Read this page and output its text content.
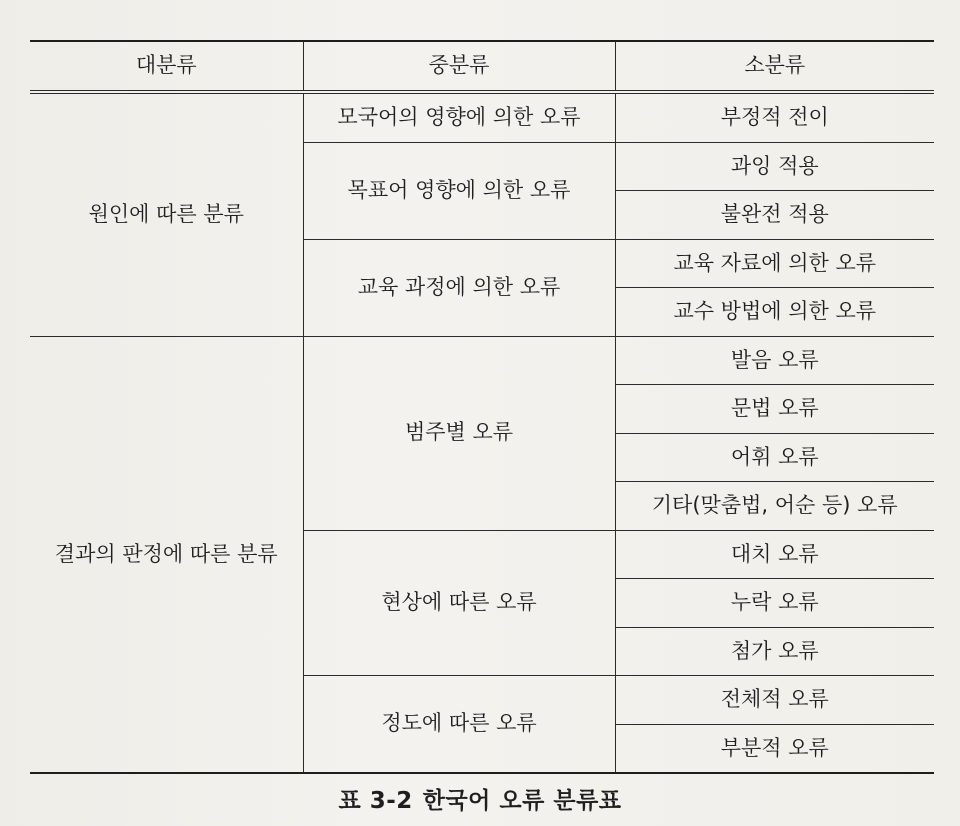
대분류	중분류	소분류
원인에 따른 분류	모국어의 영향에 의한 오류	부정적 전이
	목표어 영향에 의한 오류	과잉 적용
		불완전 적용
	교육 과정에 의한 오류	교육 자료에 의한 오류
		교수 방법에 의한 오류
결과의 판정에 따른 분류	범주별 오류	발음 오류
		문법 오류
		어휘 오류
		기타(맞춤법, 어순 등) 오류
	현상에 따른 오류	대치 오류
		누락 오류
		첨가 오류
	정도에 따른 오류	전체적 오류
		부분적 오류
표 3-2 한국어 오류 분류표
